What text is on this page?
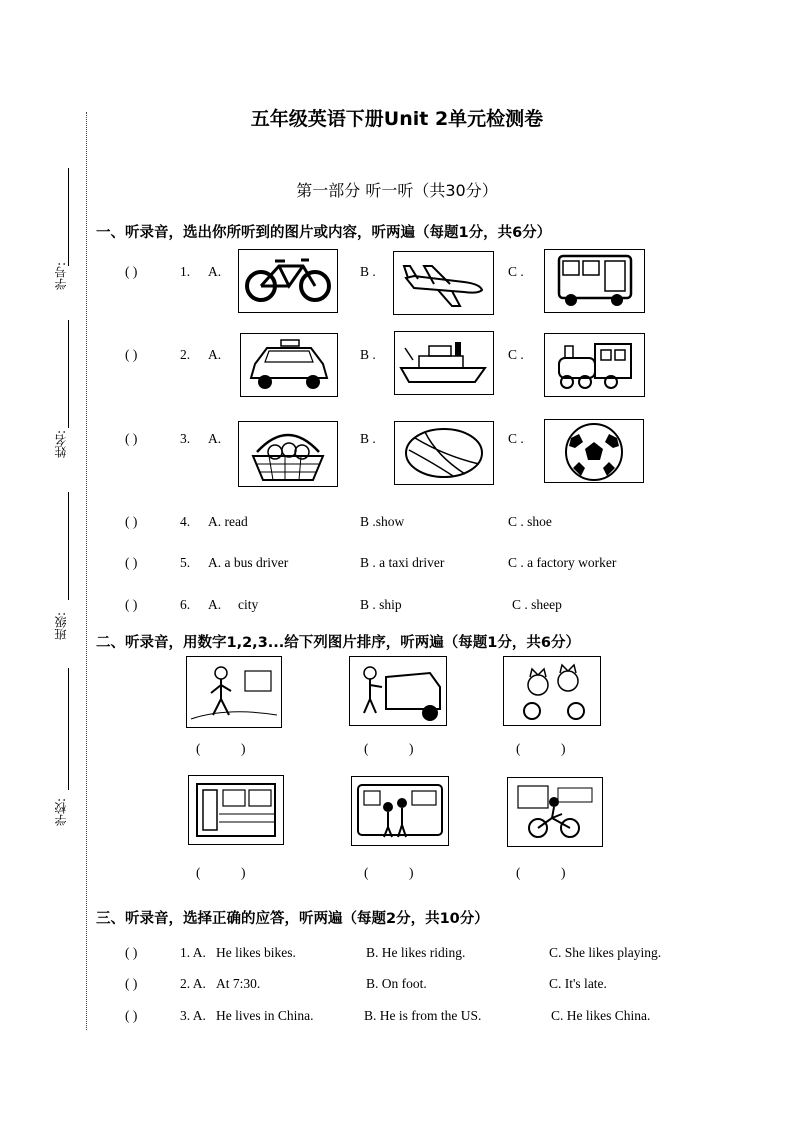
学号:
姓名:
班级:
学校:
五年级英语下册Unit 2单元检测卷
第一部分 听一听（共30分）
一、听录音，选出你所听到的图片或内容，听两遍（每题1分，共6分）
( )	1. A.	B .	C .
( )	2. A.	B .	C .
( )	3. A.	B .	C .
( )	4. A. read	B .show	C . shoe
( )	5. A. a bus driver	B . a taxi driver	C . a factory worker
( )	6. A.     city	B . ship	C . sheep
二、听录音，用数字1,2,3...给下列图片排序，听两遍（每题1分，共6分）
(            )	(            )	(            )
(            )	(            )	(            )
三、听录音，选择正确的应答，听两遍（每题2分，共10分）
( )	1. A. He likes bikes.	B. He likes riding.	C. She likes playing.
( )	2. A. At 7:30.	B. On foot.	C. It's late.
( )	3. A. He lives in China.	B. He is from the US.	C. He likes China.
